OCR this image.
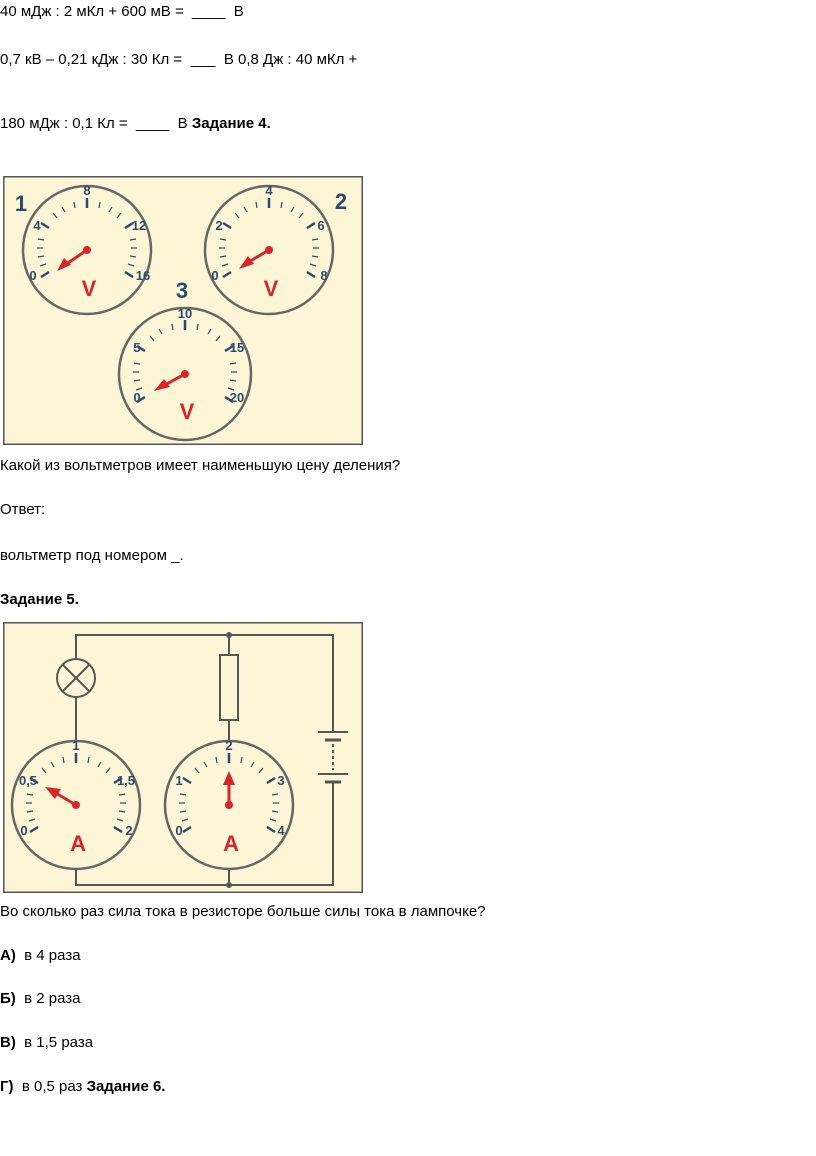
40 мДж : 2 мКл + 600 мВ =  ____  В
0,7 кВ – 0,21 кДж : 30 Кл =  ___  В 0,8 Дж : 40 мКл +
180 мДж : 0,1 Кл =  ____  В Задание 4.
0
4
8
12
16
V
1
0
2
4
6
8
V
2
0
5
10
15
20
V
3
Какой из вольтметров имеет наименьшую цену деления?
Ответ:
вольтметр под номером _.
Задание 5.
0
0,5
1
1,5
2
A
0
1
2
3
4
A
Во сколько раз сила тока в резисторе больше силы тока в лампочке?
А)  в 4 раза
Б)  в 2 раза
В)  в 1,5 раза
Г)  в 0,5 раз Задание 6.
